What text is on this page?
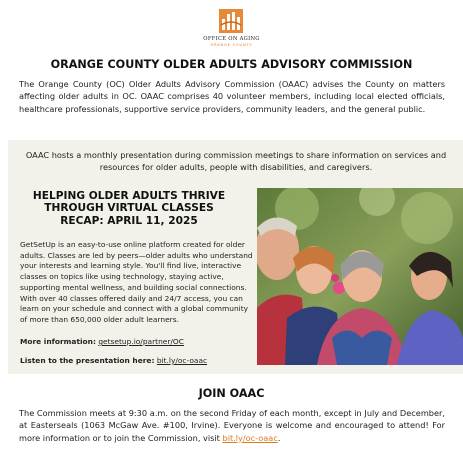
OFFICE ON AGING
ORANGE COUNTY
ORANGE COUNTY OLDER ADULTS ADVISORY COMMISSION
The Orange County (OC) Older Adults Advisory Commission (OAAC) advises the County on matters affecting older adults in OC. OAAC comprises 40 volunteer members, including local elected officials, healthcare professionals, supportive service providers, community leaders, and the general public.
OAAC hosts a monthly presentation during commission meetings to share information on services and resources for older adults, people with disabilities, and caregivers.
HELPING OLDER ADULTS THRIVE
THROUGH VIRTUAL CLASSES
RECAP: APRIL 11, 2025
GetSetUp is an easy-to-use online platform created for older adults. Classes are led by peers—older adults who understand your interests and learning style. You'll find live, interactive classes on topics like using technology, staying active, supporting mental wellness, and building social connections. With over 40 classes offered daily and 24/7 access, you can learn on your schedule and connect with a global community of more than 650,000 older adult learners.
More information: getsetup.io/partner/OC
Listen to the presentation here: bit.ly/oc-oaac
JOIN OAAC
The Commission meets at 9:30 a.m. on the second Friday of each month, except in July and December, at Easterseals (1063 McGaw Ave. #100, Irvine). Everyone is welcome and encouraged to attend! For more information or to join the Commission, visit bit.ly/oc-oaac.
